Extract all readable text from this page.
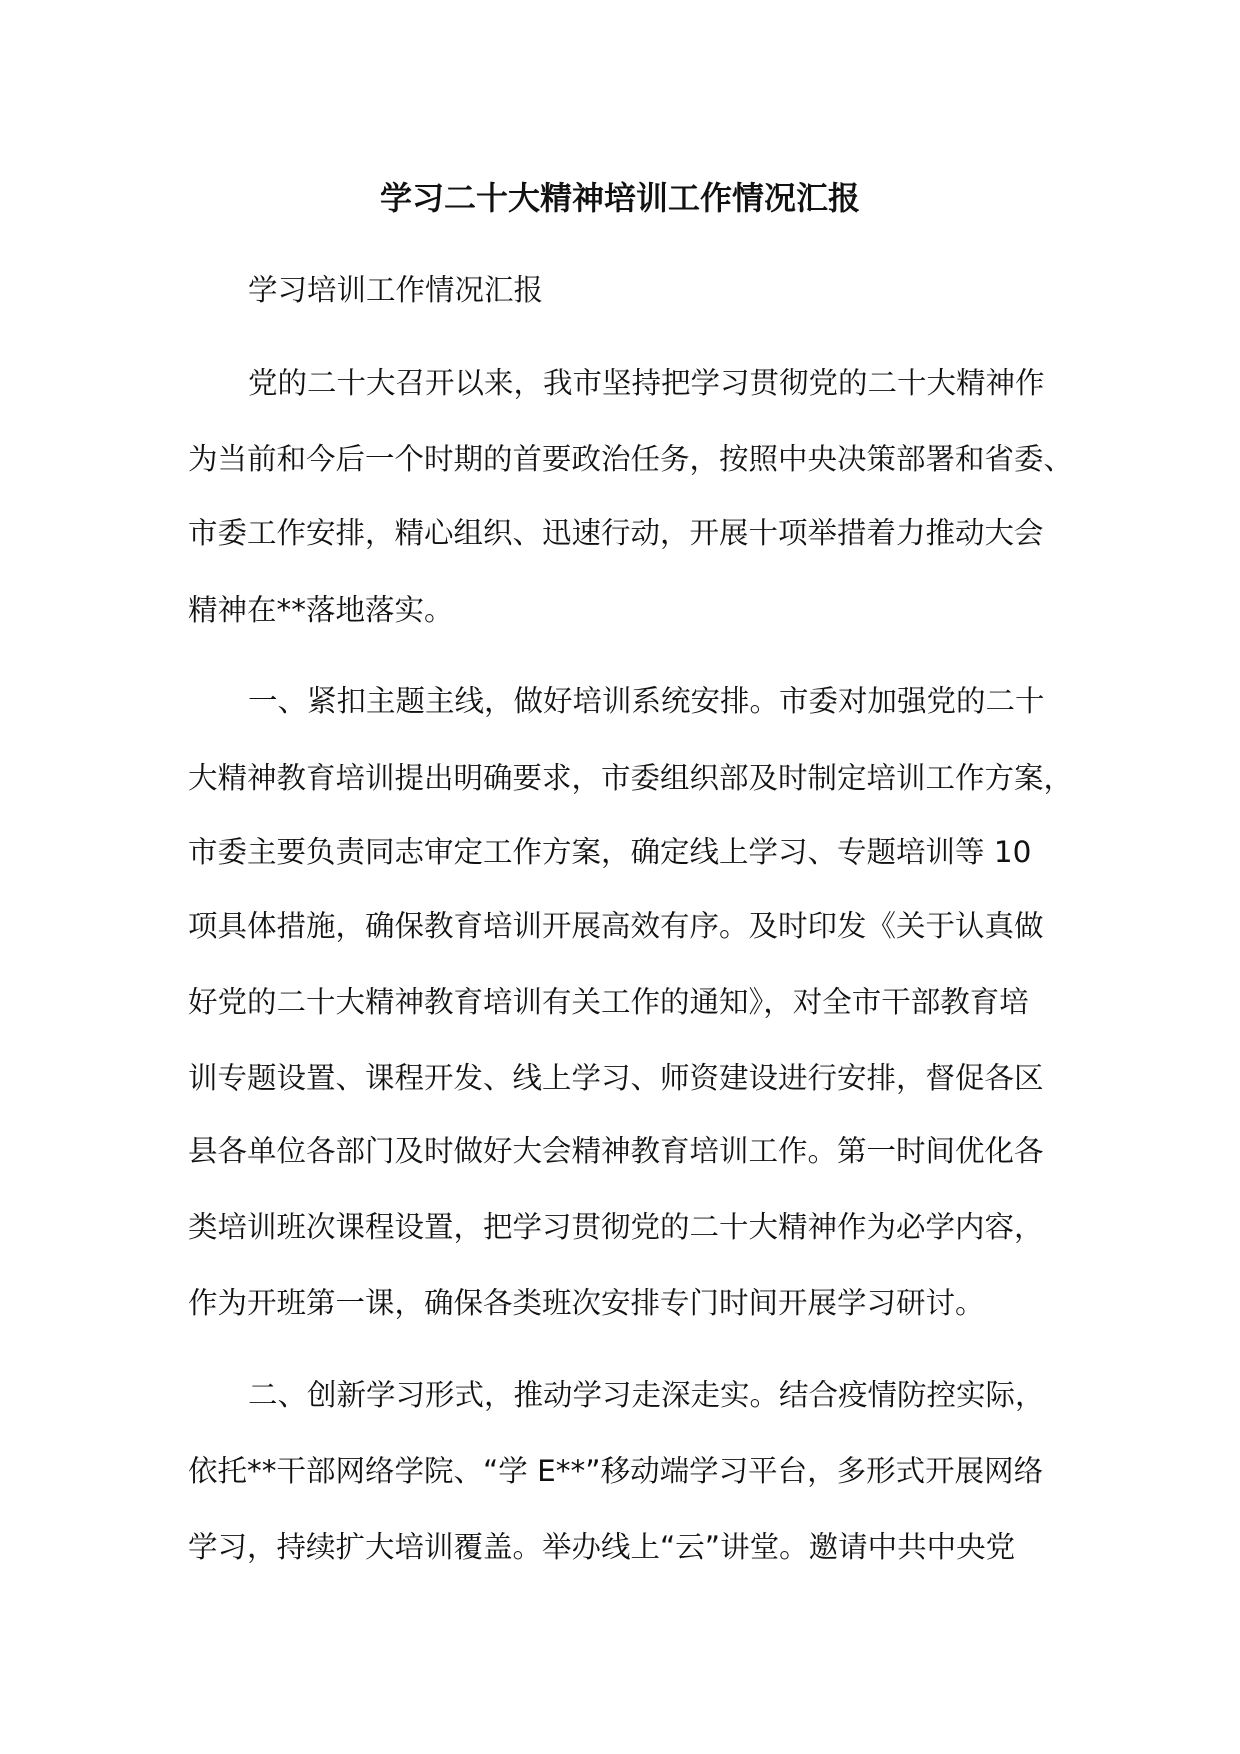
学习二十大精神培训工作情况汇报
学习培训工作情况汇报
党的二十大召开以来，我市坚持把学习贯彻党的二十大精神作
为当前和今后一个时期的首要政治任务，按照中央决策部署和省委、
市委工作安排，精心组织、迅速行动，开展十项举措着力推动大会
精神在**落地落实。
一、紧扣主题主线，做好培训系统安排。市委对加强党的二十
大精神教育培训提出明确要求，市委组织部及时制定培训工作方案，
市委主要负责同志审定工作方案，确定线上学习、专题培训等 10
项具体措施，确保教育培训开展高效有序。及时印发《关于认真做
好党的二十大精神教育培训有关工作的通知》，对全市干部教育培
训专题设置、课程开发、线上学习、师资建设进行安排，督促各区
县各单位各部门及时做好大会精神教育培训工作。第一时间优化各
类培训班次课程设置，把学习贯彻党的二十大精神作为必学内容，
作为开班第一课，确保各类班次安排专门时间开展学习研讨。
二、创新学习形式，推动学习走深走实。结合疫情防控实际，
依托**干部网络学院、“学 E**”移动端学习平台，多形式开展网络
学习，持续扩大培训覆盖。举办线上“云”讲堂。邀请中共中央党
